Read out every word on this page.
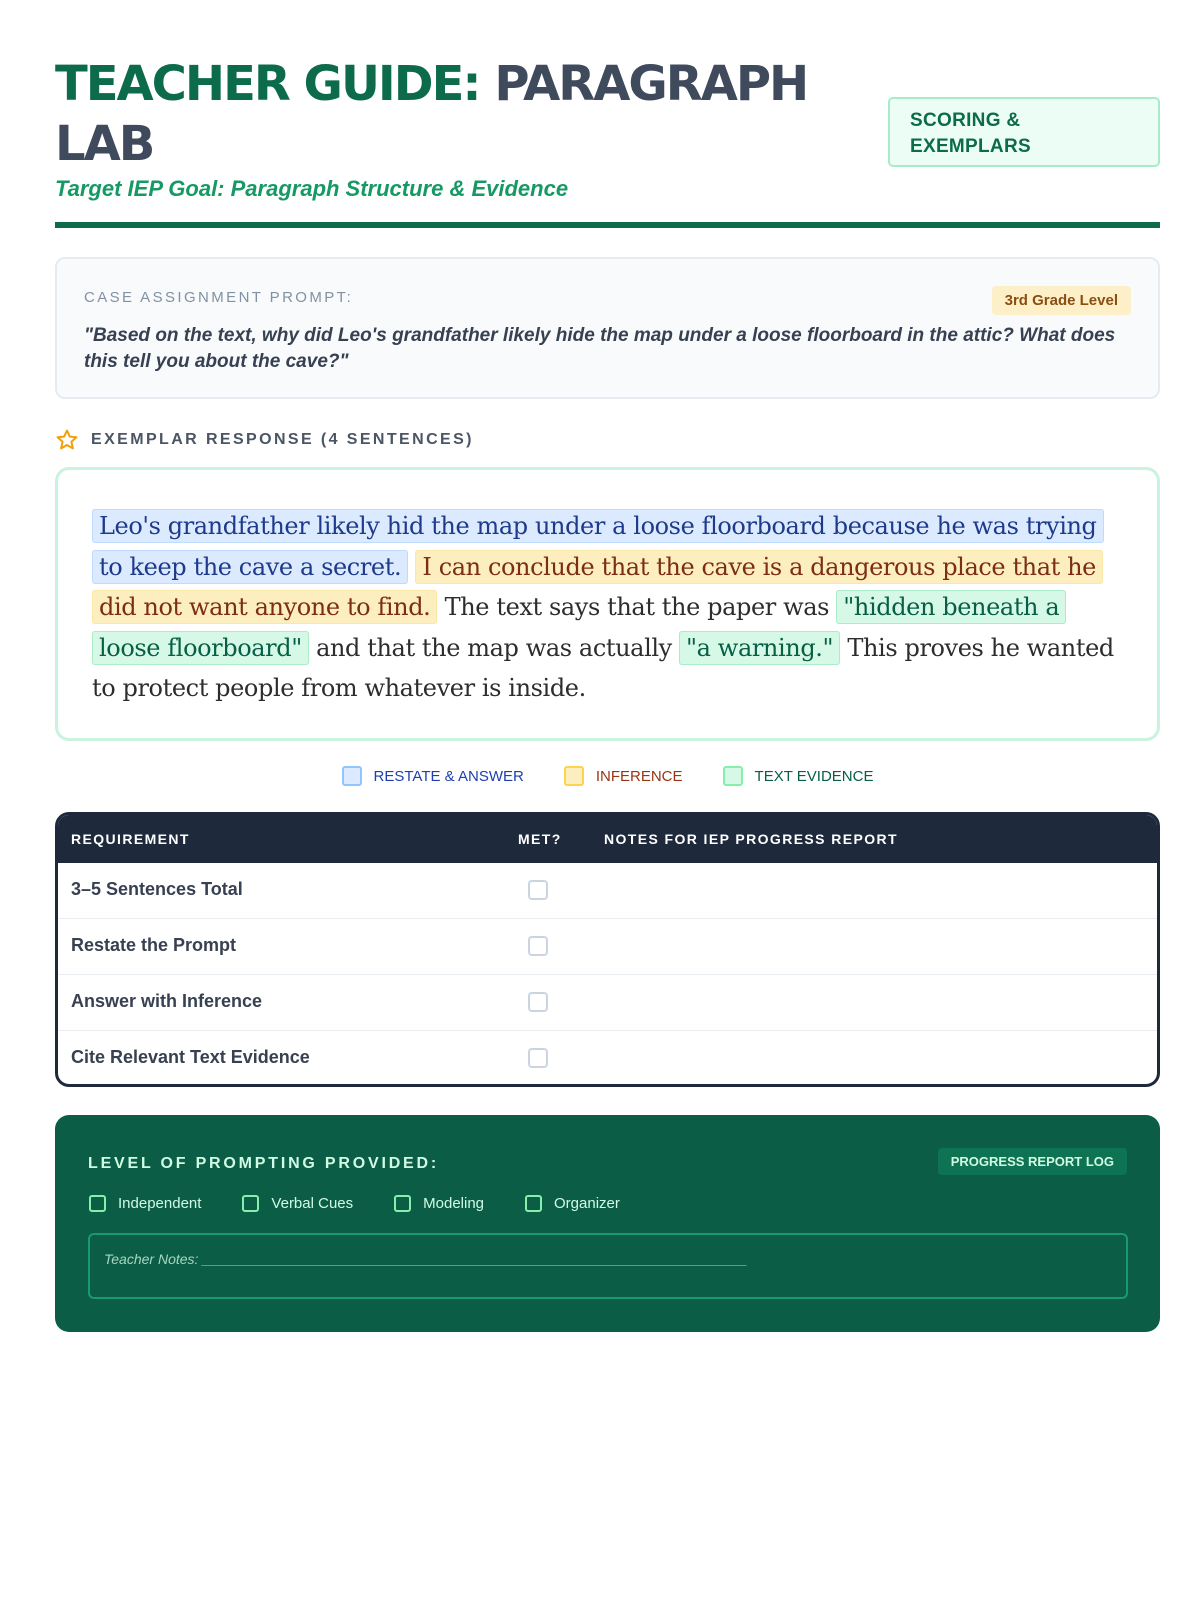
TEACHER GUIDE: PARAGRAPH LAB
Target IEP Goal: Paragraph Structure & Evidence
SCORING & EXEMPLARS
CASE ASSIGNMENT PROMPT:	3rd Grade Level
"Based on the text, why did Leo's grandfather likely hide the map under a loose floorboard in the attic? What does this tell you about the cave?"
EXEMPLAR RESPONSE (4 SENTENCES)

Leo's grandfather likely hid the map under a loose floorboard because he was trying to keep the cave a secret. I can conclude that the cave is a dangerous place that he did not want anyone to find. The text says that the paper was "hidden beneath a loose floorboard" and that the map was actually "a warning." This proves he wanted to protect people from whatever is inside.

RESTATE & ANSWER	INFERENCE	TEXT EVIDENCE
REQUIREMENT	MET?	NOTES FOR IEP PROGRESS REPORT
3–5 Sentences Total
Restate the Prompt
Answer with Inference
Cite Relevant Text Evidence
LEVEL OF PROMPTING PROVIDED:	PROGRESS REPORT LOG
Independent	Verbal Cues	Modeling	Organizer
Teacher Notes: ______________________________________________________________________
